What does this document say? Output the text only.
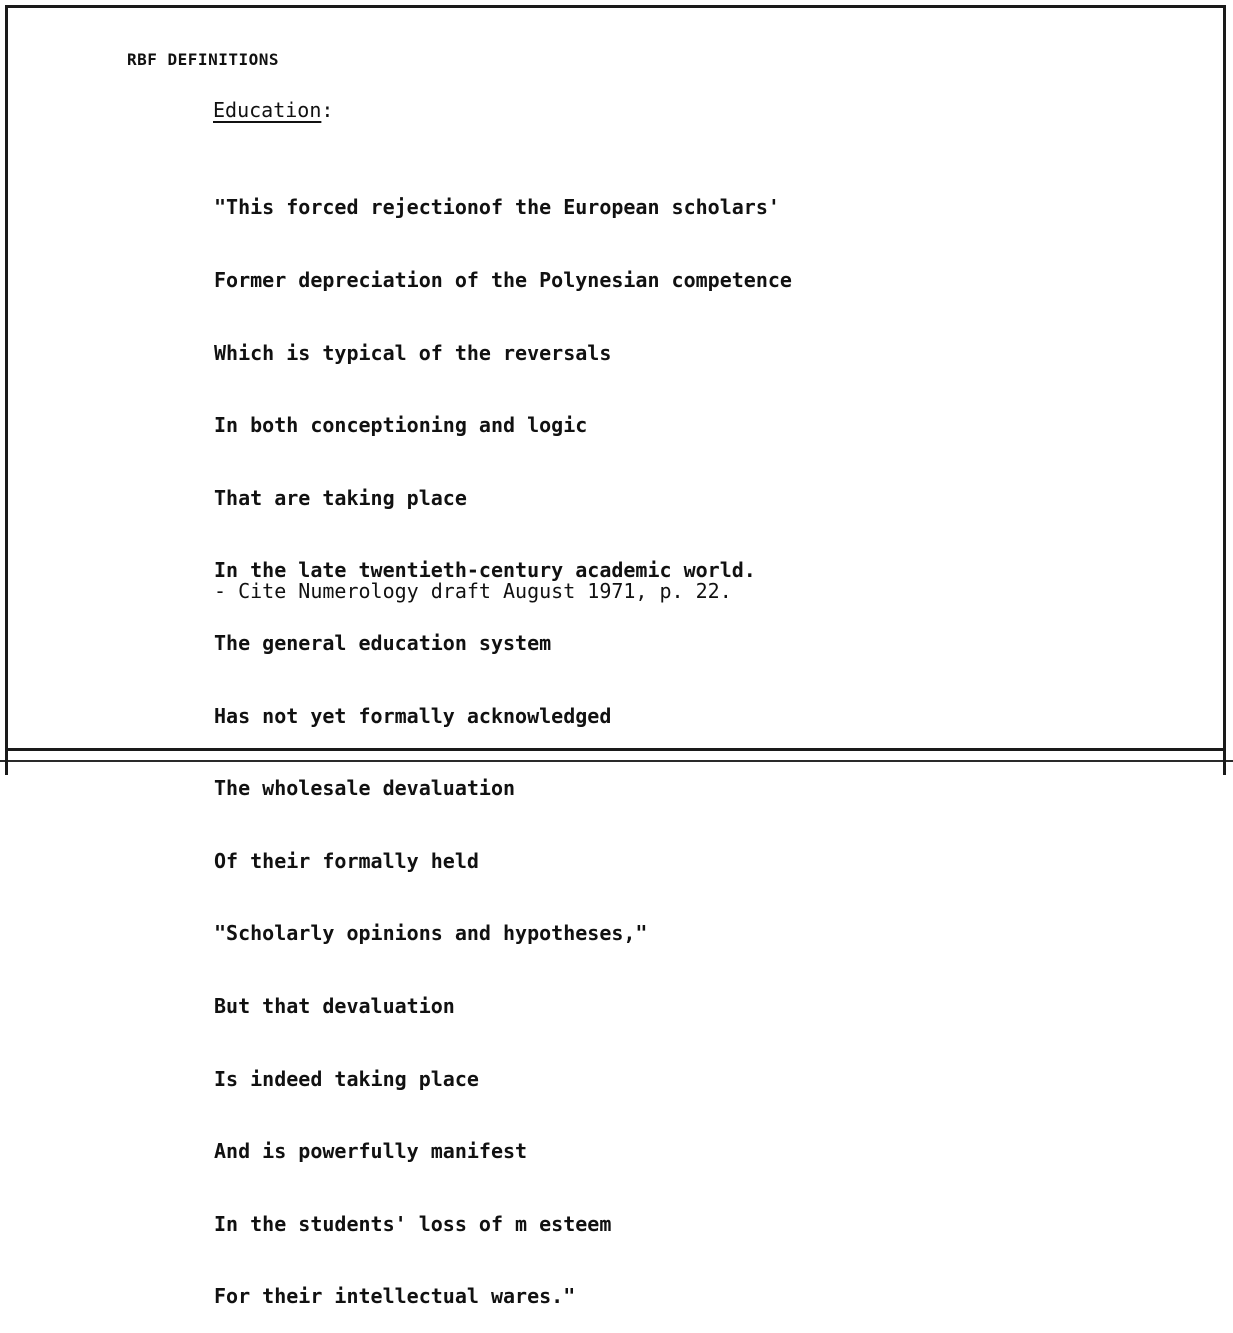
RBF DEFINITIONS
Education:

"This forced rejectionof the European scholars'

Former depreciation of the Polynesian competence

Which is typical of the reversals

In both conceptioning and logic

That are taking place

In the late twentieth-century academic world.

The general education system

Has not yet formally acknowledged

The wholesale devaluation

Of their formally held

"Scholarly opinions and hypotheses,"

But that devaluation

Is indeed taking place

And is powerfully manifest

In the students' loss of m esteem

For their intellectual wares."

- Cite Numerology draft August 1971, p. 22.
